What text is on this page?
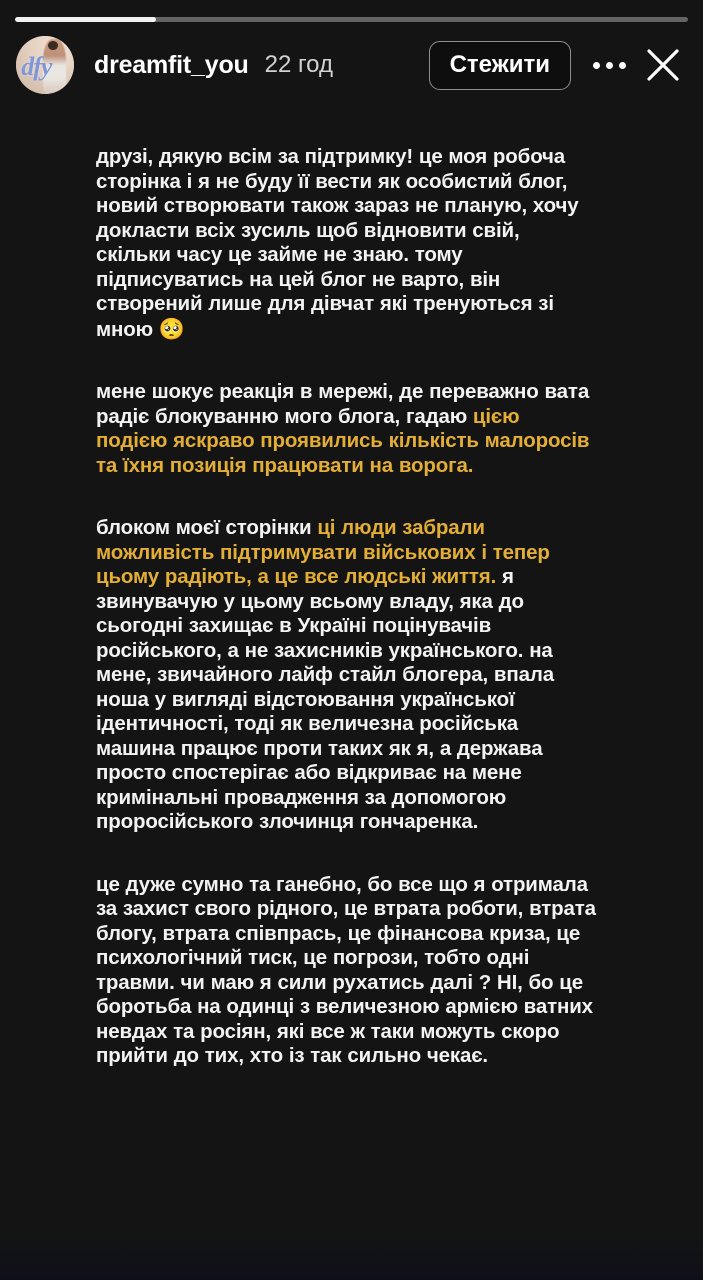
dfy dreamfit_you 22 год	Стежити

друзі, дякую всім за підтримку! це моя робоча сторінка і я не буду її вести як особистий блог, новий створювати також зараз не планую, хочу докласти всіх зусиль щоб відновити свій, скільки часу це займе не знаю. тому підписуватись на цей блог не варто, він створений лише для дівчат які тренуються зі мною 🥺

мене шокує реакція в мережі, де переважно вата радіє блокуванню мого блога, гадаю цією подією яскраво проявились кількість малоросів та їхня позиція працювати на ворога.

блоком моєї сторінки ці люди забрали можливість підтримувати військових і тепер цьому радіють, а це все людські життя. я звинувачую у цьому всьому владу, яка до сьогодні захищає в Україні поцінувачів російського, а не захисників українського. на мене, звичайного лайф стайл блогера, впала ноша у вигляді відстоювання української ідентичності, тоді як величезна російська машина працює проти таких як я, а держава просто спостерігає або відкриває на мене кримінальні провадження за допомогою проросійського злочинця гончаренка.

це дуже сумно та ганебно, бо все що я отримала за захист свого рідного, це втрата роботи, втрата блогу, втрата співпрась, це фінансова криза, це психологічний тиск, це погрози, тобто одні травми. чи маю я сили рухатись далі ? НІ, бо це боротьба на одинці з величезною армією ватних невдах та росіян, які все ж таки можуть скоро прийти до тих, хто із так сильно чекає.
